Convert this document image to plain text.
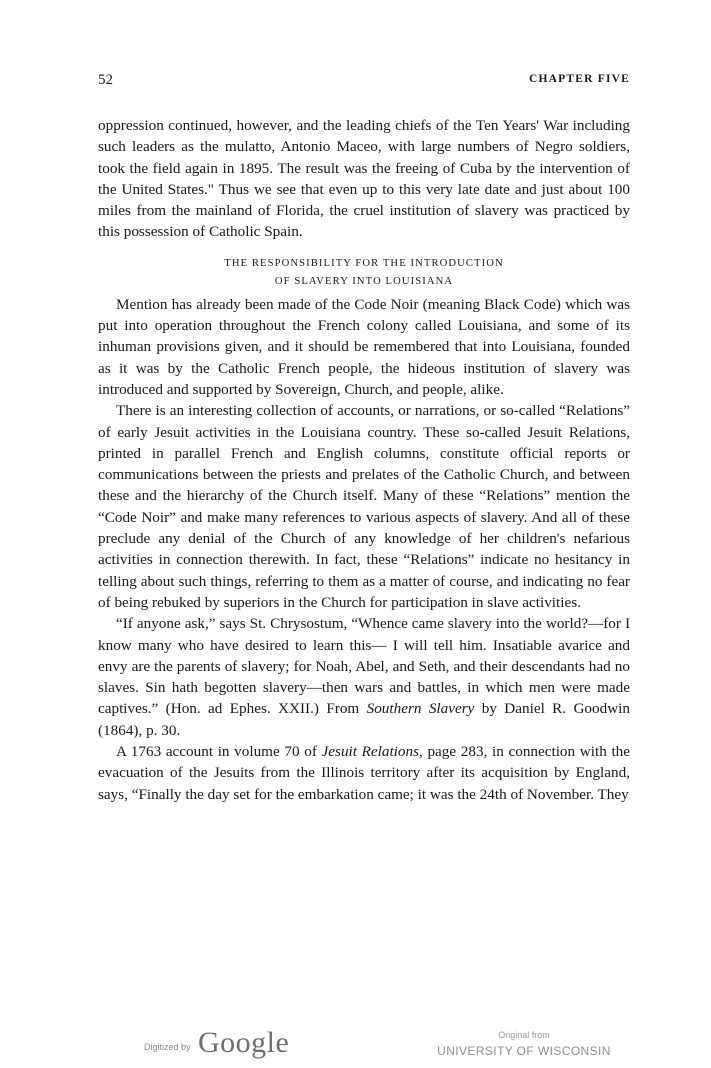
52	CHAPTER FIVE

oppression continued, however, and the leading chiefs of the Ten Years' War including such leaders as the mulatto, Antonio Maceo, with large numbers of Negro soldiers, took the field again in 1895. The result was the freeing of Cuba by the intervention of the United States." Thus we see that even up to this very late date and just about 100 miles from the mainland of Florida, the cruel institution of slavery was practiced by this possession of Catholic Spain.

THE RESPONSIBILITY FOR THE INTRODUCTION
OF SLAVERY INTO LOUISIANA

Mention has already been made of the Code Noir (meaning Black Code) which was put into operation throughout the French colony called Louisiana, and some of its inhuman provisions given, and it should be remembered that into Louisiana, founded as it was by the Catholic French people, the hideous institution of slavery was introduced and supported by Sovereign, Church, and people, alike.

There is an interesting collection of accounts, or narrations, or so-called “Relations” of early Jesuit activities in the Louisiana country. These so-called Jesuit Relations, printed in parallel French and English columns, constitute official reports or communications between the priests and prelates of the Catholic Church, and between these and the hierarchy of the Church itself. Many of these “Relations” mention the “Code Noir” and make many references to various aspects of slavery. And all of these preclude any denial of the Church of any knowledge of her children's nefarious activities in connection therewith. In fact, these “Relations” indicate no hesitancy in telling about such things, referring to them as a matter of course, and indicating no fear of being rebuked by superiors in the Church for participation in slave activities.

“If anyone ask,” says St. Chrysostum, “Whence came slavery into the world?—for I know many who have desired to learn this— I will tell him. Insatiable avarice and envy are the parents of slavery; for Noah, Abel, and Seth, and their descendants had no slaves. Sin hath begotten slavery—then wars and battles, in which men were made captives.” (Hon. ad Ephes. XXII.) From Southern Slavery by Daniel R. Goodwin (1864), p. 30.

A 1763 account in volume 70 of Jesuit Relations, page 283, in connection with the evacuation of the Jesuits from the Illinois territory after its acquisition by England, says, “Finally the day set for the embarkation came; it was the 24th of November. They

Digitized by Google	Original from
UNIVERSITY OF WISCONSIN
